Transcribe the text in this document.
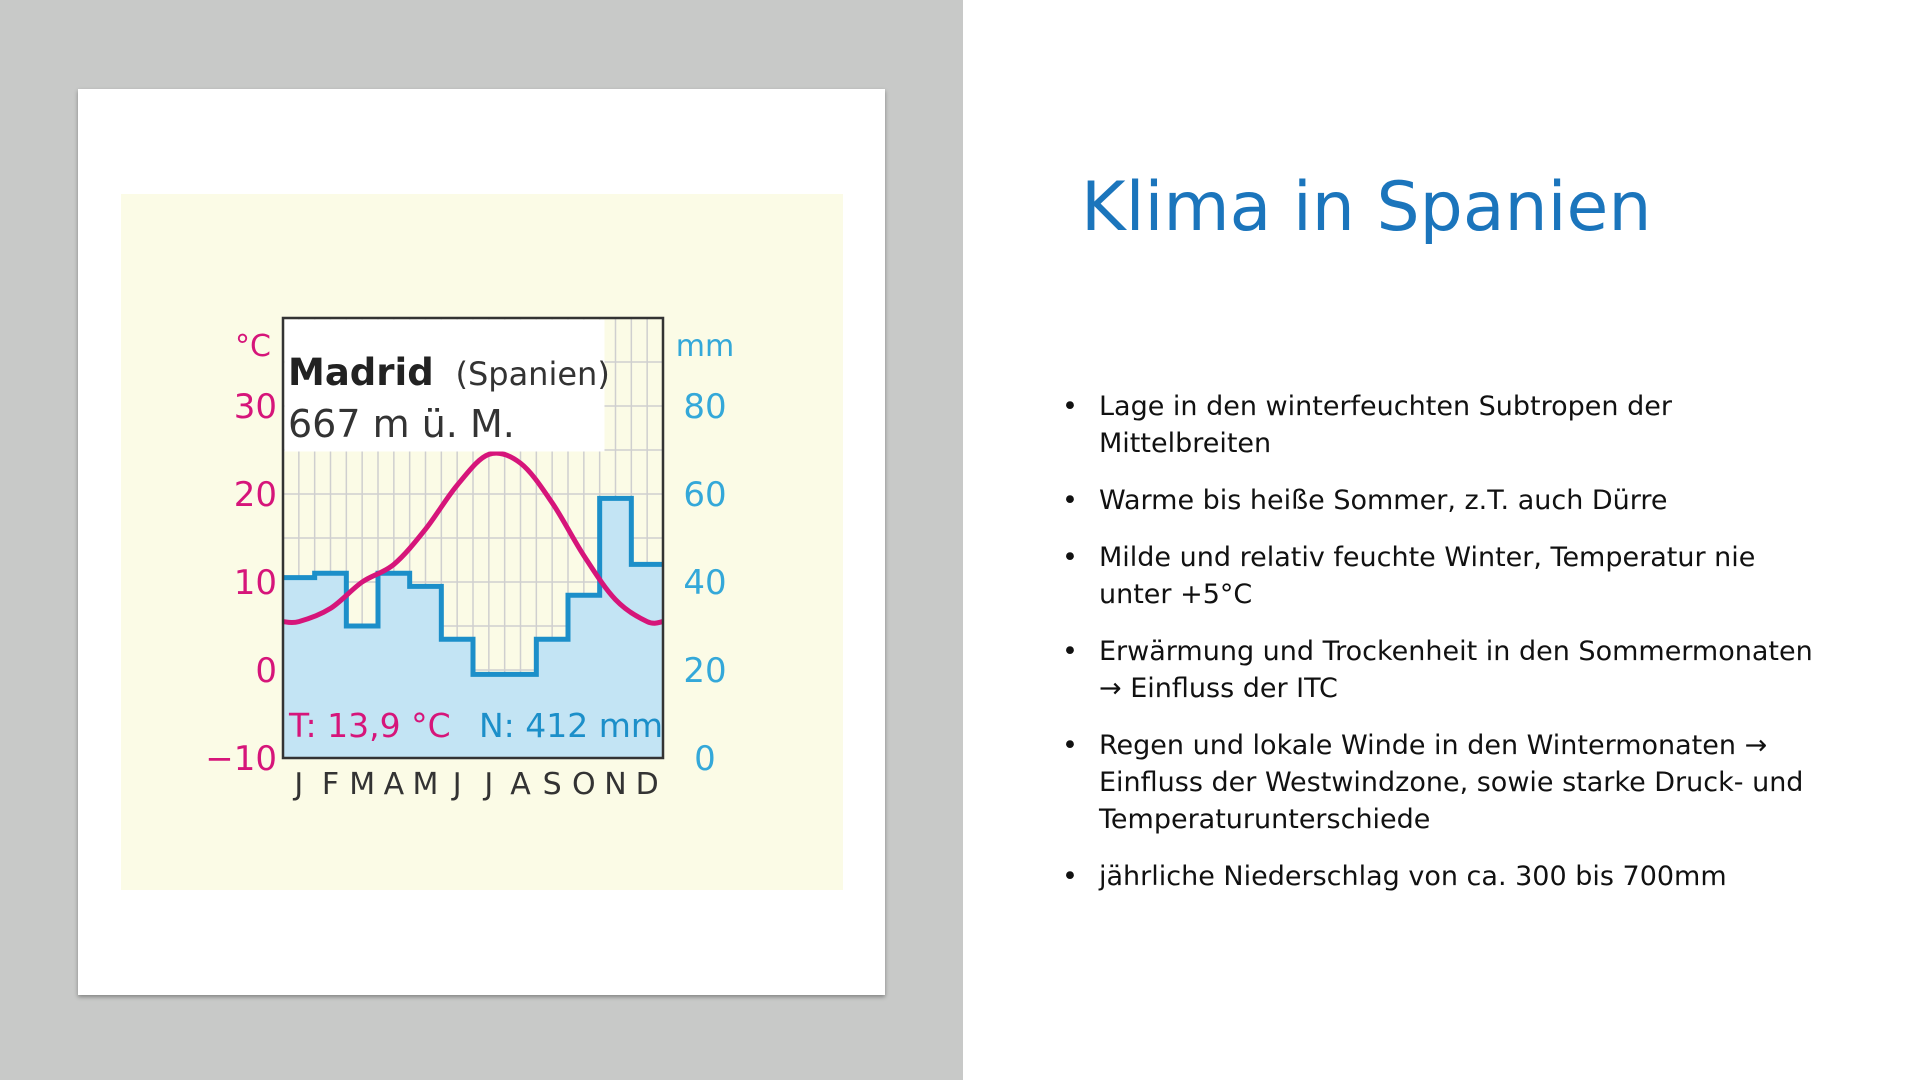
Madrid (Spanien)
667 m ü. M.
°C	mm
30
20
10
0
−10
80
60
40
20
0
J F M A M J J A S O N D
T: 13,9 °C N: 412 mm
Klima in Spanien
• Lage in den winterfeuchten Subtropen der Mittelbreiten
• Warme bis heiße Sommer, z.T. auch Dürre
• Milde und relativ feuchte Winter, Temperatur nie unter +5°C
• Erwärmung und Trockenheit in den Sommermonaten → Einfluss der ITC
• Regen und lokale Winde in den Wintermonaten → Einfluss der Westwindzone, sowie starke Druck- und Temperaturunterschiede
• jährliche Niederschlag von ca. 300 bis 700mm
